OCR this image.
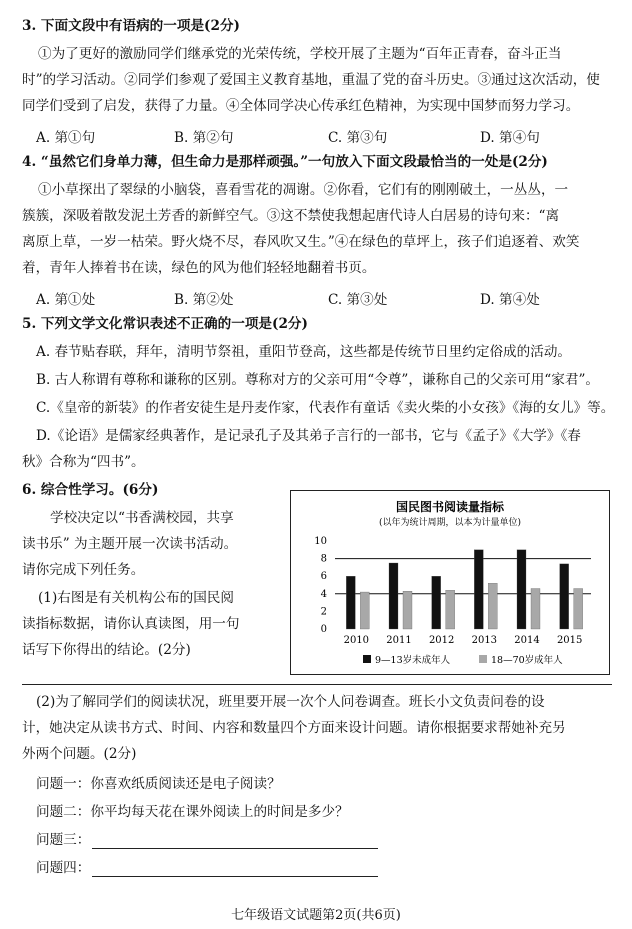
3. 下面文段中有语病的一项是(2分)
①为了更好的激励同学们继承党的光荣传统，学校开展了主题为“百年正青春，奋斗正当
时”的学习活动。②同学们参观了爱国主义教育基地，重温了党的奋斗历史。③通过这次活动，使
同学们受到了启发，获得了力量。④全体同学决心传承红色精神，为实现中国梦而努力学习。
A. 第①句	B. 第②句	C. 第③句	D. 第④句
4. “虽然它们身单力薄，但生命力是那样顽强。”一句放入下面文段最恰当的一处是(2分)
①小草探出了翠绿的小脑袋，喜看雪花的凋谢。②你看，它们有的刚刚破土，一丛丛，一
簇簇，深吸着散发泥土芳香的新鲜空气。③这不禁使我想起唐代诗人白居易的诗句来：“离
离原上草，一岁一枯荣。野火烧不尽，春风吹又生。”④在绿色的草坪上，孩子们追逐着、欢笑
着，青年人捧着书在读，绿色的风为他们轻轻地翻着书页。
A. 第①处	B. 第②处	C. 第③处	D. 第④处
5. 下列文学文化常识表述不正确的一项是(2分)
A. 春节贴春联，拜年，清明节祭祖，重阳节登高，这些都是传统节日里约定俗成的活动。
B. 古人称谓有尊称和谦称的区别。尊称对方的父亲可用“令尊”，谦称自己的父亲可用“家君”。
C.《皇帝的新装》的作者安徒生是丹麦作家，代表作有童话《卖火柴的小女孩》《海的女儿》等。
D.《论语》是儒家经典著作，是记录孔子及其弟子言行的一部书，它与《孟子》《大学》《春
秋》合称为“四书”。
6. 综合性学习。(6分)
学校决定以“书香满校园，共享
读书乐” 为主题开展一次读书活动。
请你完成下列任务。
(1)右图是有关机构公布的国民阅
读指标数据，请你认真读图，用一句
话写下你得出的结论。(2分)
国民图书阅读量指标
(以年为统计周期，以本为计量单位)
0
2
4
6
8
10
2010 2011 2012 2013 2014 2015
9—13岁未成年人	18—70岁成年人
(2)为了解同学们的阅读状况，班里要开展一次个人问卷调查。班长小文负责问卷的设
计，她决定从读书方式、时间、内容和数量四个方面来设计问题。请你根据要求帮她补充另
外两个问题。(2分)
问题一：你喜欢纸质阅读还是电子阅读？
问题二：你平均每天花在课外阅读上的时间是多少？
问题三：
问题四：
七年级语文试题第2页(共6页)
